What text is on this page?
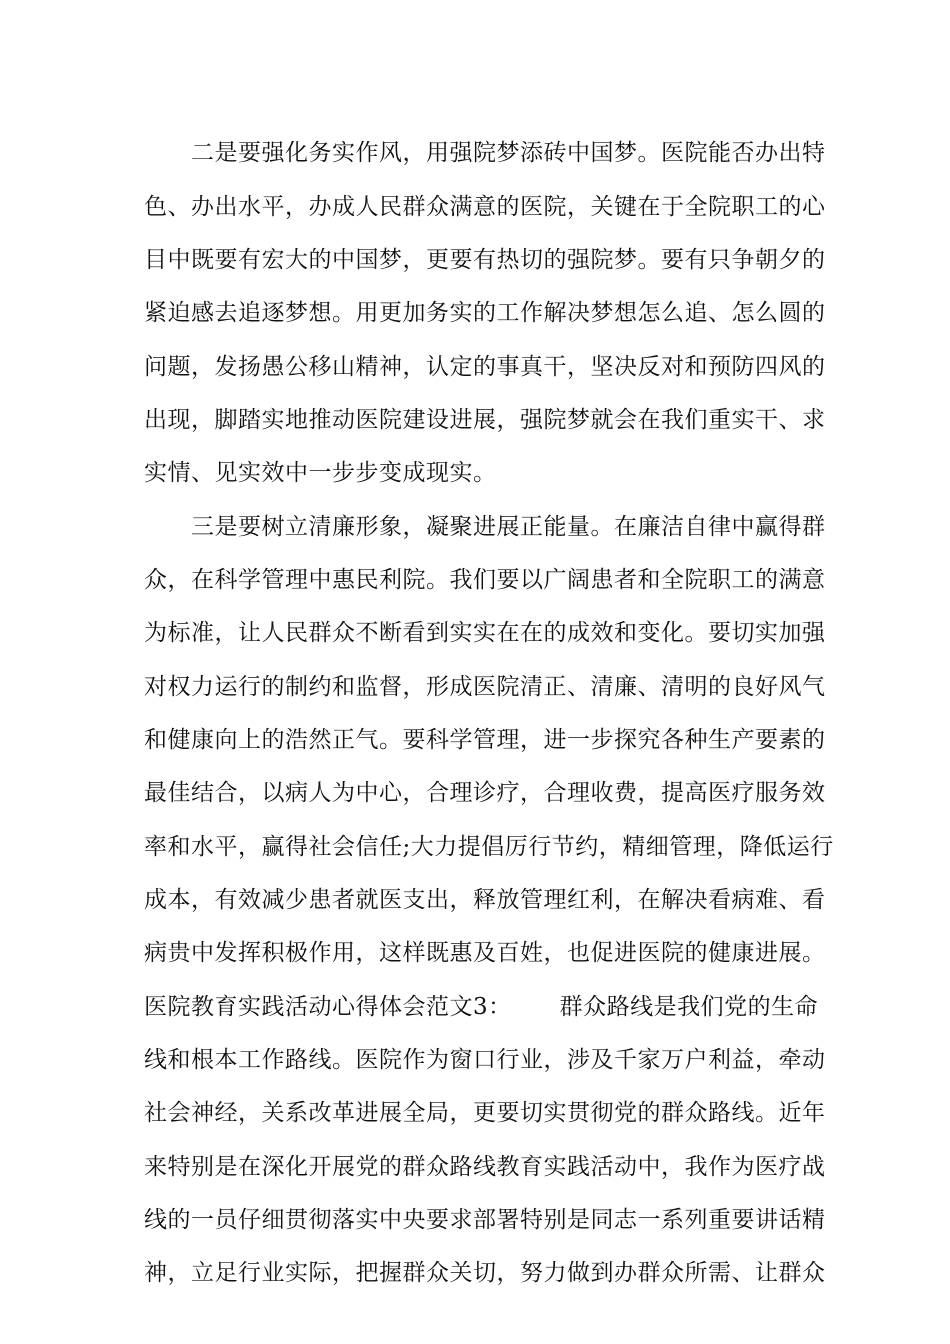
二是要强化务实作风，用强院梦添砖中国梦。医院能否办出特
色、办出水平，办成人民群众满意的医院，关键在于全院职工的心
目中既要有宏大的中国梦，更要有热切的强院梦。要有只争朝夕的
紧迫感去追逐梦想。用更加务实的工作解决梦想怎么追、怎么圆的
问题，发扬愚公移山精神，认定的事真干，坚决反对和预防四风的
出现，脚踏实地推动医院建设进展，强院梦就会在我们重实干、求
实情、见实效中一步步变成现实。
三是要树立清廉形象，凝聚进展正能量。在廉洁自律中赢得群
众，在科学管理中惠民利院。我们要以广阔患者和全院职工的满意
为标准，让人民群众不断看到实实在在的成效和变化。要切实加强
对权力运行的制约和监督，形成医院清正、清廉、清明的良好风气
和健康向上的浩然正气。要科学管理，进一步探究各种生产要素的
最佳结合，以病人为中心，合理诊疗，合理收费，提高医疗服务效
率和水平，赢得社会信任;大力提倡厉行节约，精细管理，降低运行
成本，有效减少患者就医支出，释放管理红利，在解决看病难、看
病贵中发挥积极作用，这样既惠及百姓，也促进医院的健康进展。
医院教育实践活动心得体会范文3： 群众路线是我们党的生命
线和根本工作路线。医院作为窗口行业，涉及千家万户利益，牵动
社会神经，关系改革进展全局，更要切实贯彻党的群众路线。近年
来特别是在深化开展党的群众路线教育实践活动中，我作为医疗战
线的一员仔细贯彻落实中央要求部署特别是同志一系列重要讲话精
神，立足行业实际，把握群众关切，努力做到办群众所需、让群众
